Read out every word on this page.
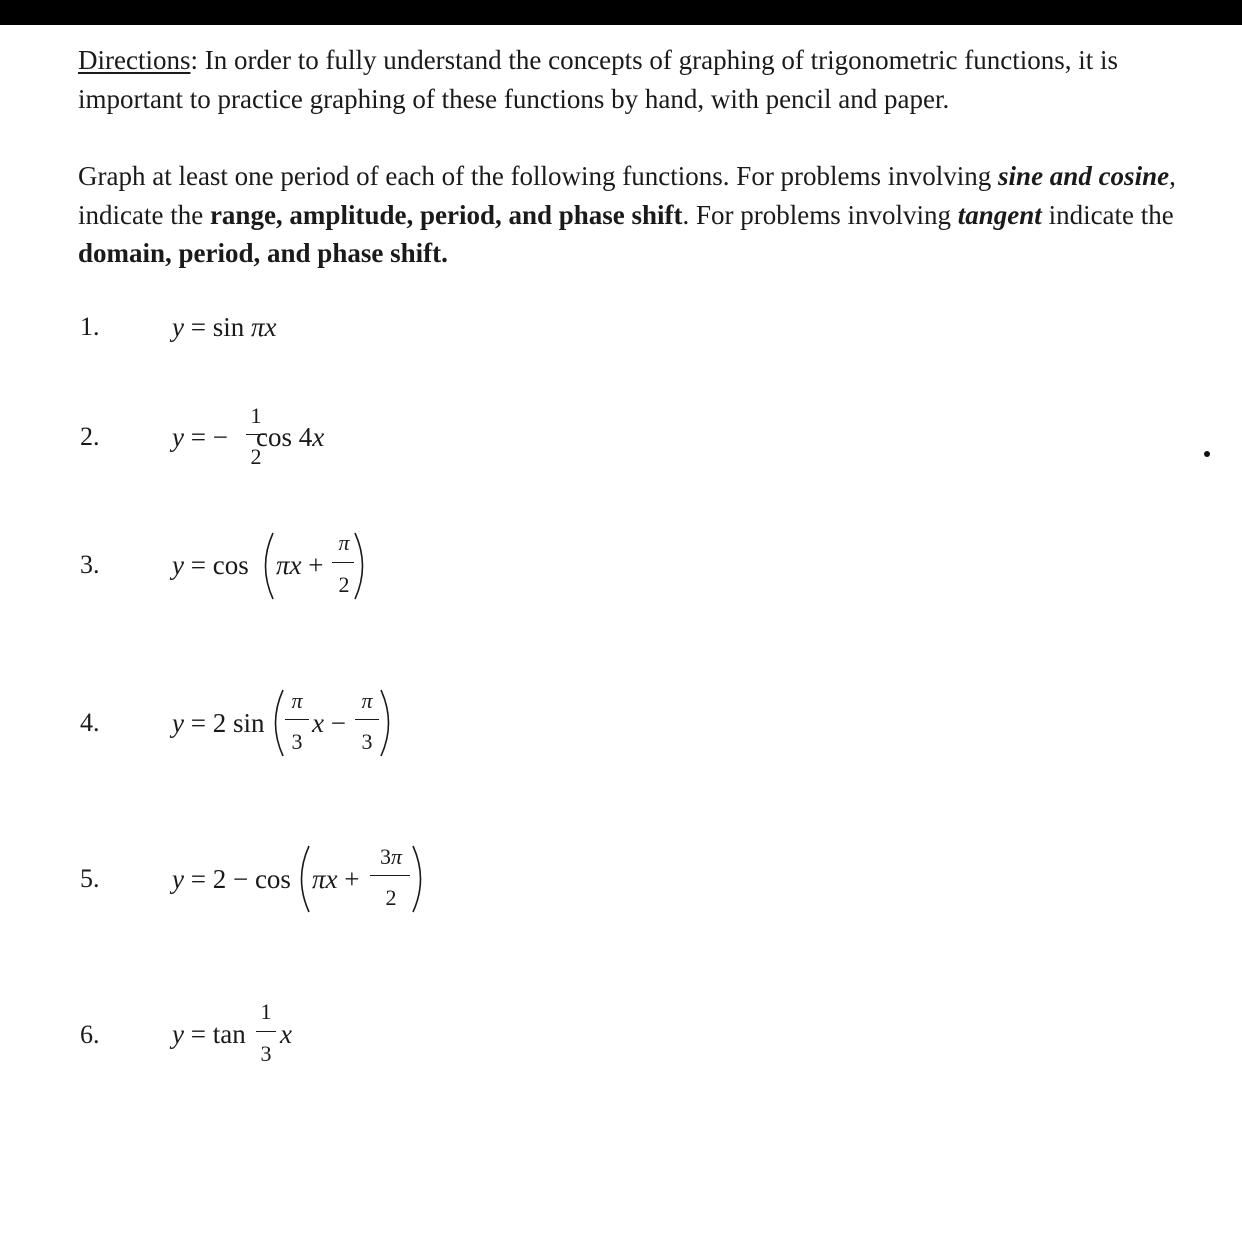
Directions: In order to fully understand the concepts of graphing of trigonometric functions, it is important to practice graphing of these functions by hand, with pencil and paper.

Graph at least one period of each of the following functions. For problems involving sine and cosine, indicate the range, amplitude, period, and phase shift. For problems involving tangent indicate the domain, period, and phase shift.

1.	y = sin πx
2.	y = −
1
2
cos 4x
3.	y = cos πx +
π
2
4.	y = 2 sin
π
3
x −
π
3
5.	y = 2 − cos πx +
3π
2
6.	y = tan
1
3
x
